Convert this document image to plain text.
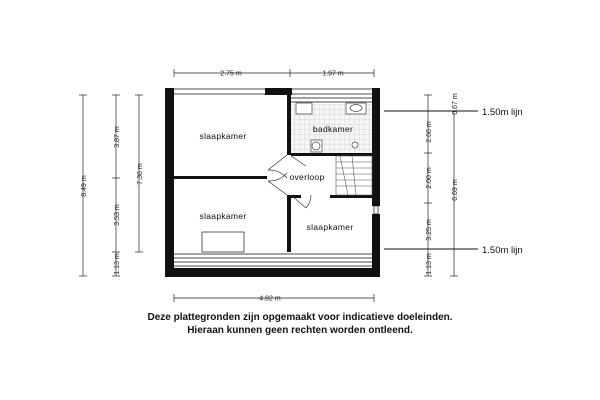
2.75 m	1.97 m
8.49 m
3.87 m
3.53 m
1.13 m
7.36 m
2.66 m
2.00 m
3.25 m
1.13 m
0.67 m
6.69 m
1.50m lijn
1.50m lijn
slaapkamer
badkamer
overloop
slaapkamer
slaapkamer
4.82 m
Deze plattegronden zijn opgemaakt voor indicatieve doeleinden.
Hieraan kunnen geen rechten worden ontleend.
